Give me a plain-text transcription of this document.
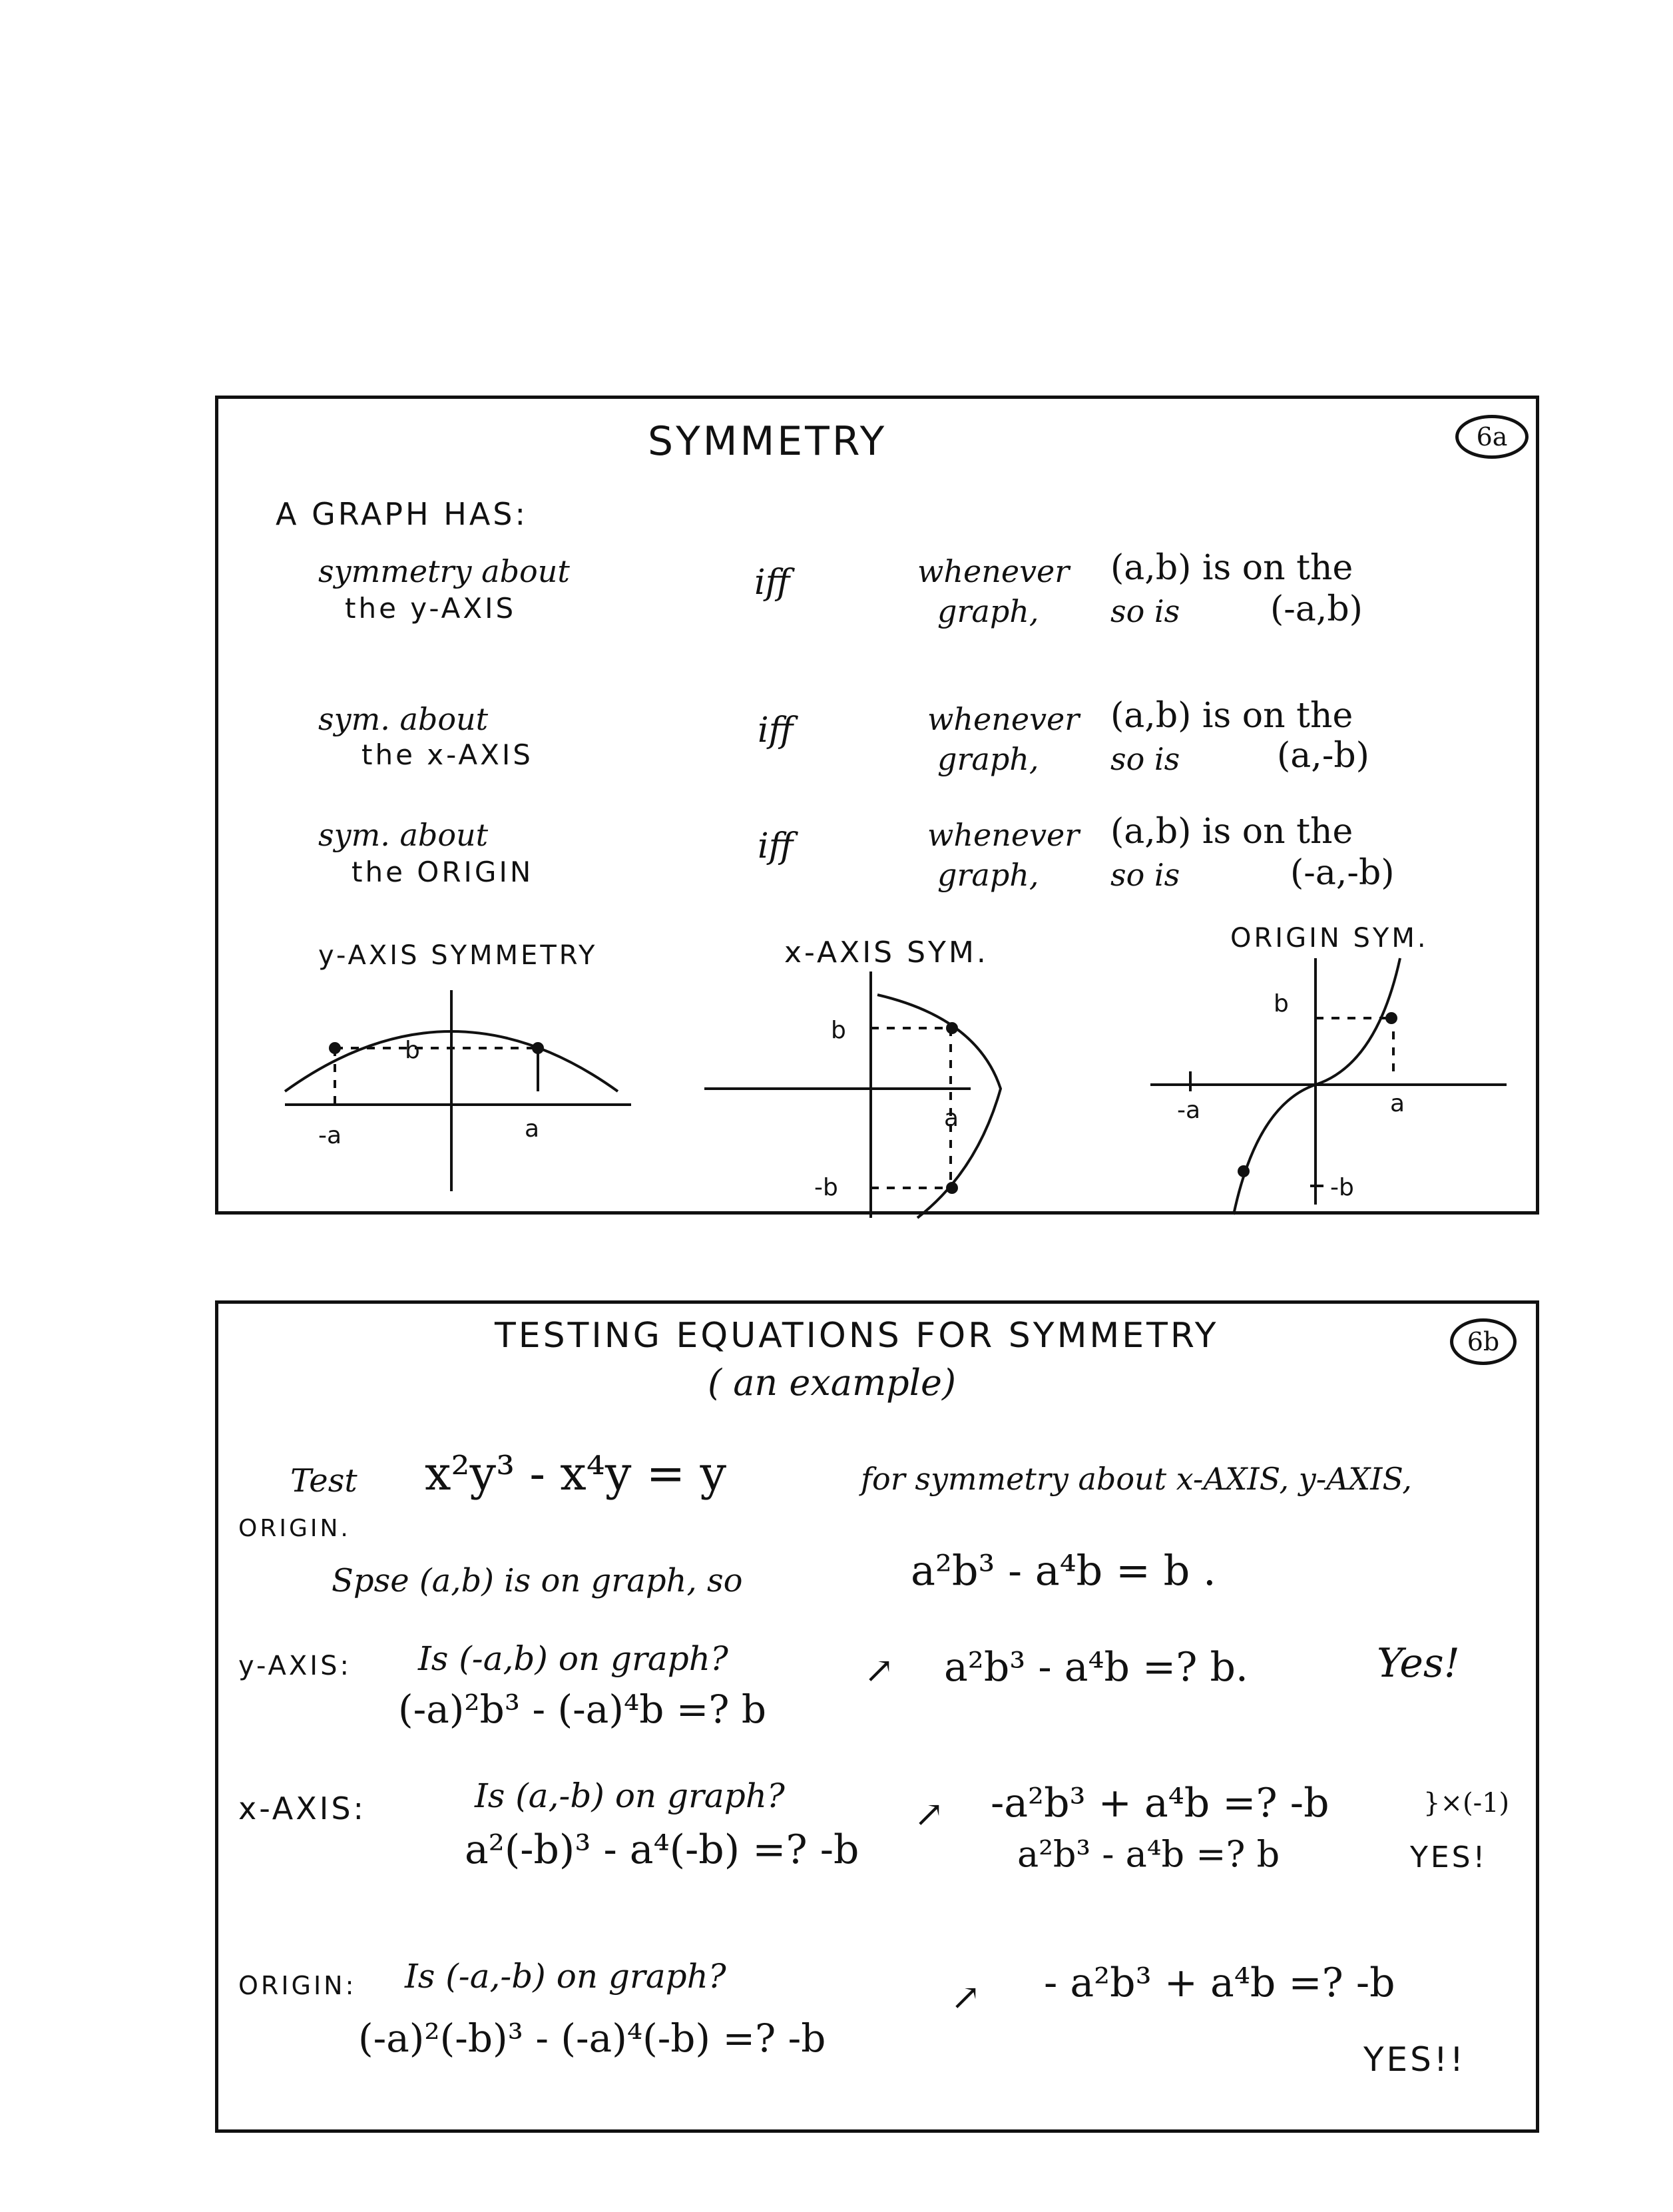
SYMMETRY	6a
A GRAPH HAS:
symmetry about
the y-AXIS
iff	whenever (a,b) is on the
graph, so is	(-a,b)
sym. about
the x-AXIS
iff	whenever (a,b) is on the
graph, so is	(a,-b)
sym. about
the ORIGIN
iff	whenever (a,b) is on the
graph, so is	(-a,-b)
y-AXIS SYMMETRY	x-AXIS SYM.	ORIGIN SYM.
b
-a	a
b
-b
a
b
-a	a
-b
TESTING EQUATIONS FOR SYMMETRY
( an example)
6b
Test x²y³ - x⁴y = y	for symmetry about x-AXIS, y-AXIS,
ORIGIN.
Spse (a,b) is on graph, so	a²b³ - a⁴b = b .
y-AXIS: Is (-a,b) on graph?
(-a)²b³ - (-a)⁴b =? b
↗ a²b³ - a⁴b =? b.	Yes!
x-AXIS:	Is (a,-b) on graph?
a²(-b)³ - a⁴(-b) =? -b
↗ -a²b³ + a⁴b =? -b
a²b³ - a⁴b =? b
}×(-1)
YES!
ORIGIN: Is (-a,-b) on graph?
(-a)²(-b)³ - (-a)⁴(-b) =? -b
↗ - a²b³ + a⁴b =? -b
YES!!
